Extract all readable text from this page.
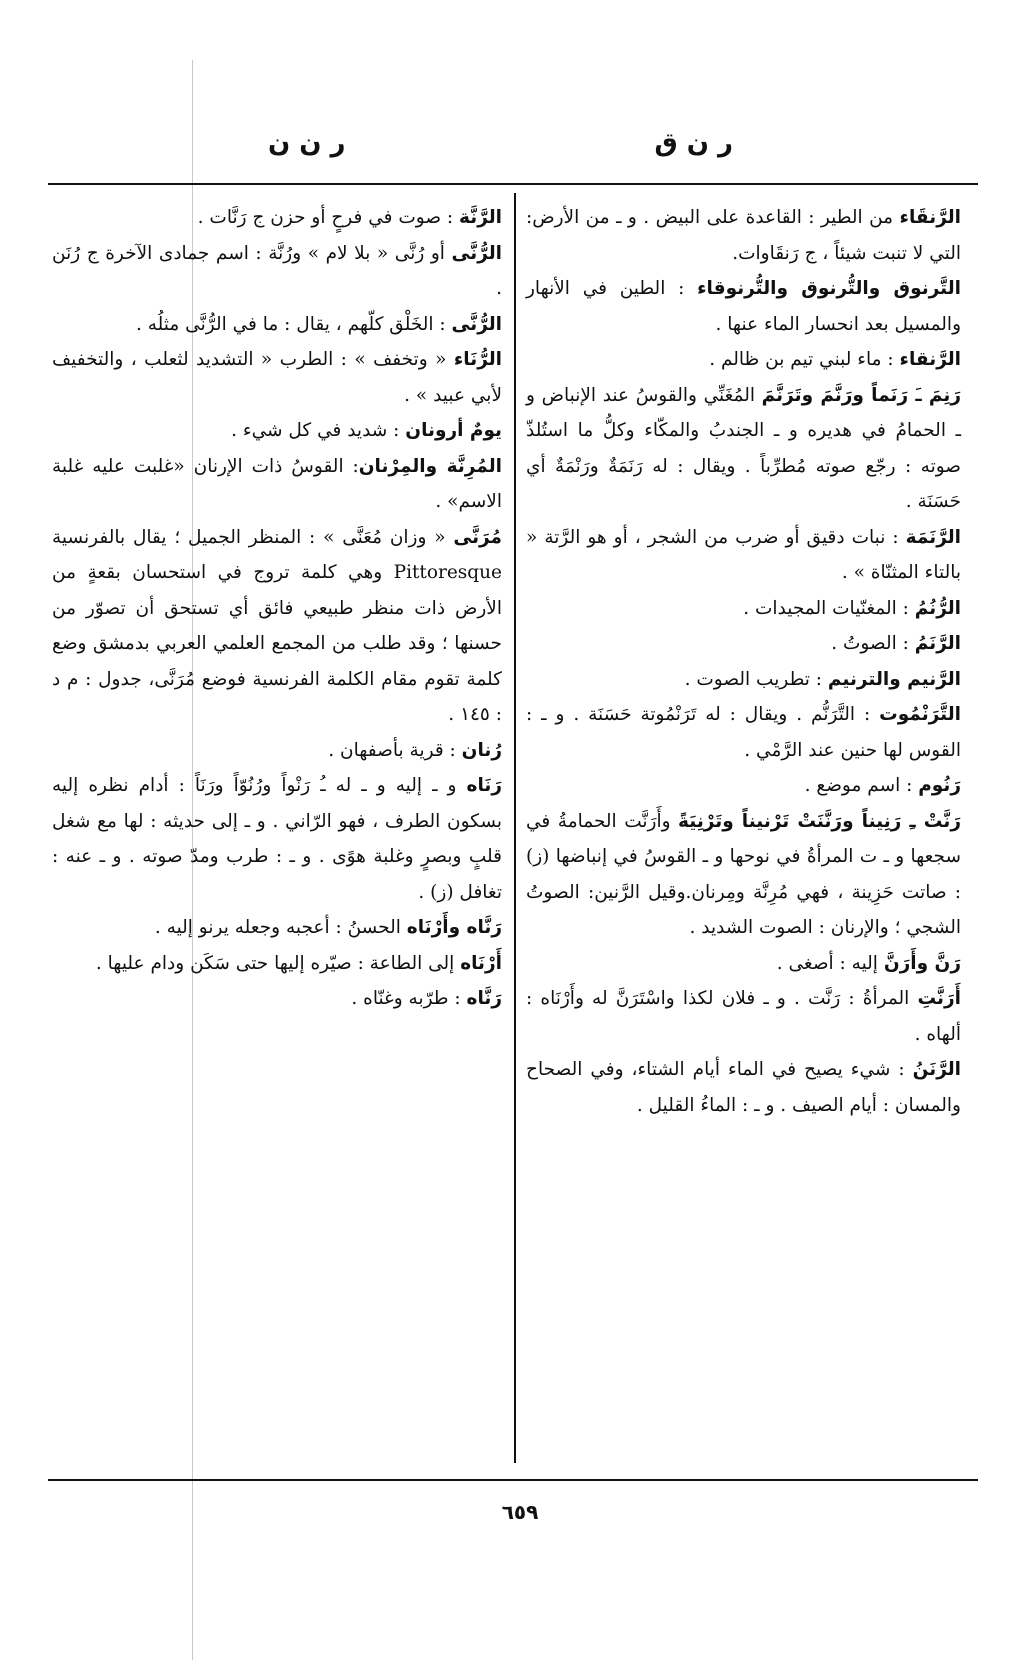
ر ن ق
ر ن ن

الرَّنقَاء من الطير : القاعدة على البيض . و ـ من الأرض: التي لا تنبت شيئاً ، ج رَنقَاوات.

التَّرنوق والتُّرنوق والتُّرنوقاء : الطين في الأنهار والمسيل بعد انحسار الماء عنها .

الرَّنقاء : ماء لبني تيم بن ظالم .

رَنِمَ ـَ رَنَماً ورَنَّمَ وتَرَنَّمَ المُغَنِّي والقوسُ عند الإنباض و ـ الحمامُ في هديره و ـ الجندبُ والمكّاء وكلُّ ما استُلذّ صوته : رجّع صوته مُطرِّباً . ويقال : له رَنَمَةٌ ورَنْمَةٌ أي حَسَنَة .

الرَّنَمَة : نبات دقيق أو ضرب من الشجر ، أو هو الرَّتة « بالتاء المثنّاة » .

الرُّنُمُ : المغنّيات المجيدات .

الرَّنَمُ : الصوتُ .

الرَّنيم والترنيم : تطريب الصوت .

التَّرَنْمُوت : التَّرَنُّم . ويقال : له تَرَنْمُوتة حَسَنَة . و ـ : القوس لها حنين عند الرَّمْي .

رَنُوم : اسم موضع .

رَنَّتْ ـِ رَنِيناً ورَنَّنَتْ تَرْنيناً وتَرْنِيَةً وأَرَنَّت الحمامةُ في سجعها و ـ ت المرأةُ في نوحها و ـ القوسُ في إنباضها (ز) : صاتت حَزِينة ، فهي مُرِنَّة ومِرنان.وقيل الرَّنين: الصوتُ الشجي ؛ والإرنان : الصوت الشديد .

رَنَّ وأَرَنَّ إليه : أصغى .

أَرَنَّتِ المرأةُ : رَنَّت . و ـ فلان لكذا واسْتَرَنَّ له وأَرْنَاه : ألهاه .

الرَّنَنُ : شيء يصيح في الماء أيام الشتاء، وفي الصحاح والمسان : أيام الصيف . و ـ : الماءُ القليل .

الرَّنَّة : صوت في فرحٍ أو حزن ج رَنَّات .

الرُّنَّى أو رُنَّى « بلا لام » ورُنَّة : اسم جمادى الآخرة ج رُنَن .

الرُّنَّى : الخَلْق كلّهم ، يقال : ما في الرُّنَّى مثلُه .

الرُّنَاء « وتخفف » : الطرب « التشديد لثعلب ، والتخفيف لأبي عبيد » .

يومٌ أرونان : شديد في كل شيء .

المُرِنَّة والمِرْنان: القوسُ ذات الإرنان «غلبت عليه غلبة الاسم» .

مُرَنَّى « وزان مُعَنَّى » : المنظر الجميل ؛ يقال بالفرنسية Pittoresque وهي كلمة تروج في استحسان بقعةٍ من الأرض ذات منظر طبيعي فائق أي تستحق أن تصوّر من حسنها ؛ وقد طلب من المجمع العلمي العربي بدمشق وضع كلمة تقوم مقام الكلمة الفرنسية فوضع مُرَنَّى، جدول : م د : ١٤٥ .

رُنان : قرية بأصفهان .

رَنَاه و ـ إليه و ـ له ـُ رَنْواً ورُنُوّاً ورَنَاً : أدام نظره إليه بسكون الطرف ، فهو الرّاني . و ـ إلى حديثه : لها مع شغل قلبٍ وبصرٍ وغلبة هوًى . و ـ : طرب ومدّ صوته . و ـ عنه : تغافل (ز) .

رَنَّاه وأَرْنَاه الحسنُ : أعجبه وجعله يرنو إليه .

أَرْنَاه إلى الطاعة : صيّره إليها حتى سَكَن ودام عليها .

رَنَّاه : طرّبه وغنّاه .

٦٥٩
